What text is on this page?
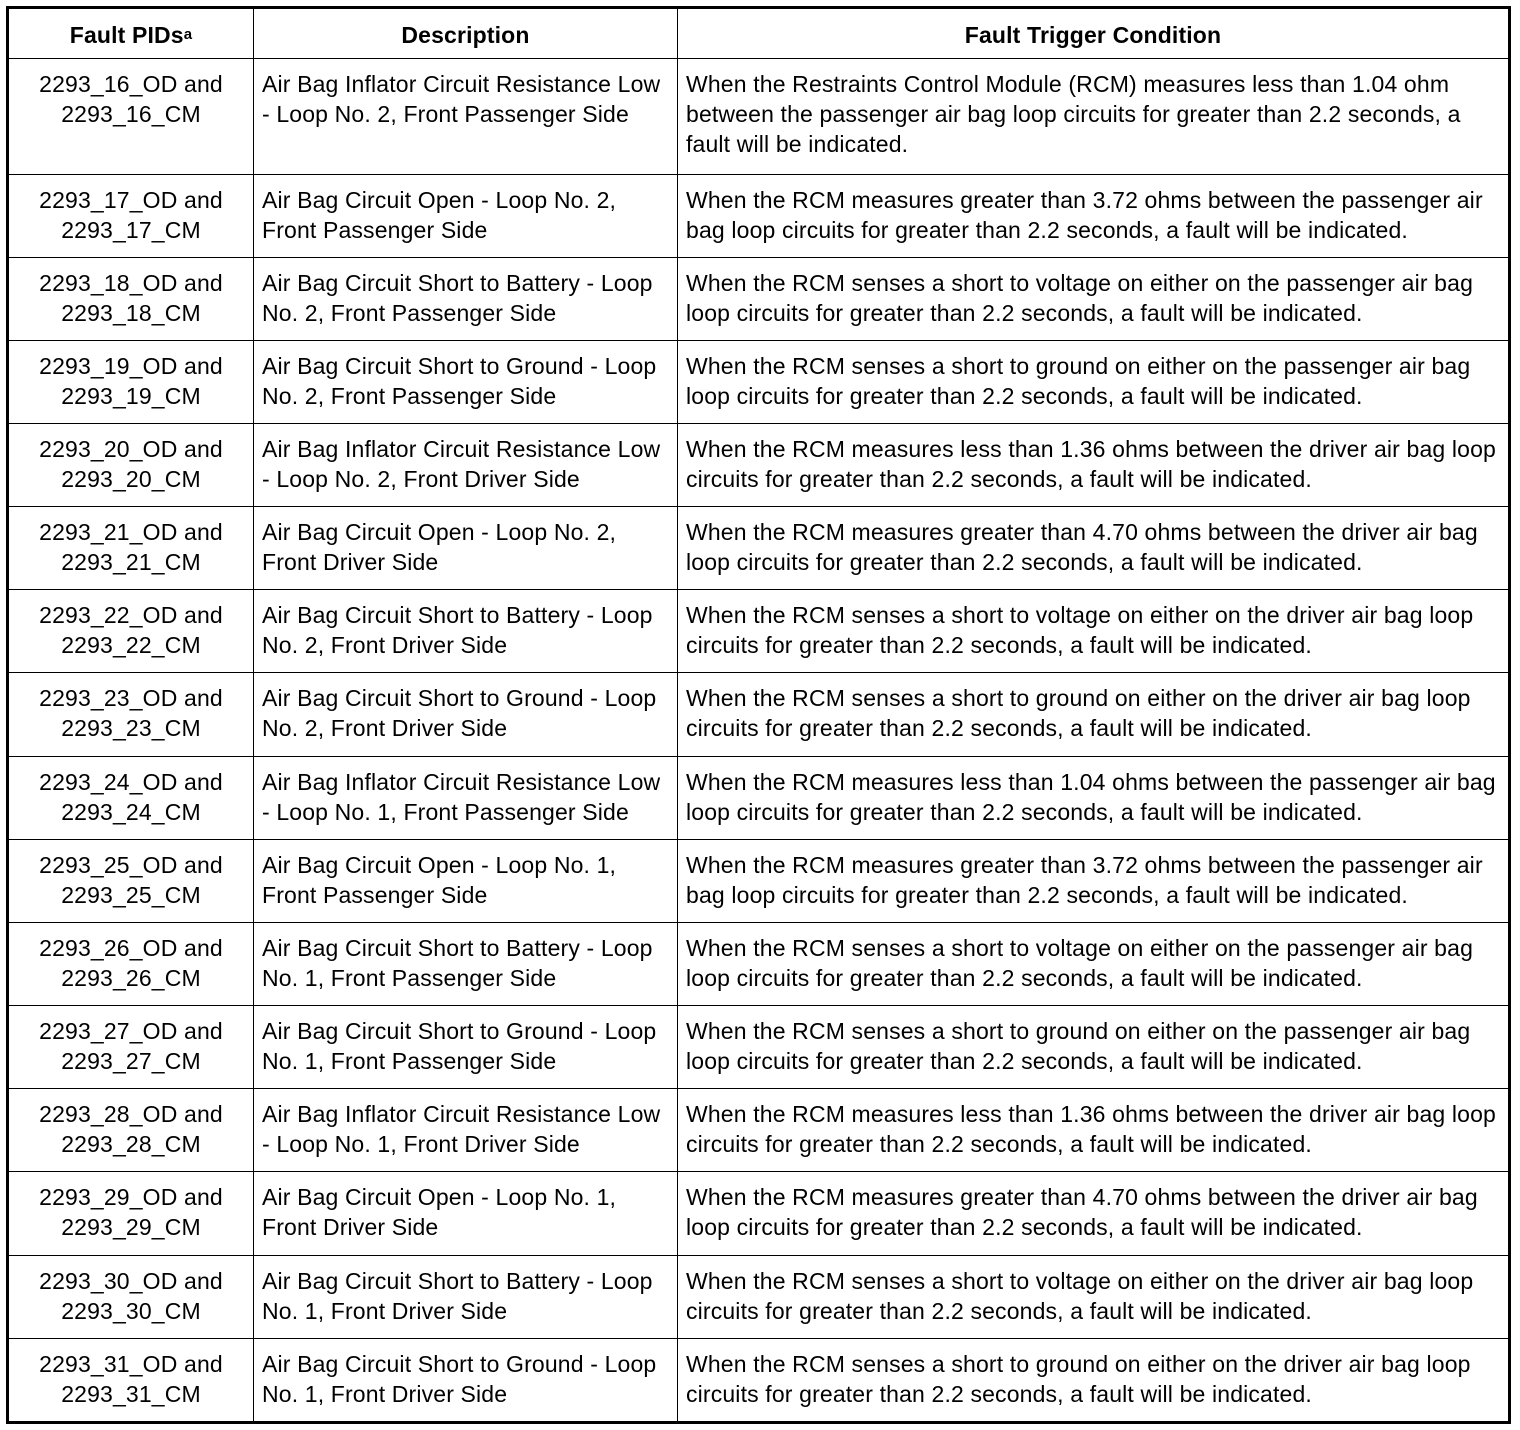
Fault PIDs$^a$	Description	Fault Trigger Condition

2293_16_OD and
2293_16_CM	Air Bag Inflator Circuit Resistance Low - Loop No. 2, Front Passenger Side	When the Restraints Control Module (RCM) measures less than 1.04 ohm between the passenger air bag loop circuits for greater than 2.2 seconds, a fault will be indicated.

2293_17_OD and
2293_17_CM	Air Bag Circuit Open - Loop No. 2, Front Passenger Side	When the RCM measures greater than 3.72 ohms between the passenger air bag loop circuits for greater than 2.2 seconds, a fault will be indicated.

2293_18_OD and
2293_18_CM	Air Bag Circuit Short to Battery - Loop No. 2, Front Passenger Side	When the RCM senses a short to voltage on either on the passenger air bag loop circuits for greater than 2.2 seconds, a fault will be indicated.

2293_19_OD and
2293_19_CM	Air Bag Circuit Short to Ground - Loop No. 2, Front Passenger Side	When the RCM senses a short to ground on either on the passenger air bag loop circuits for greater than 2.2 seconds, a fault will be indicated.

2293_20_OD and
2293_20_CM	Air Bag Inflator Circuit Resistance Low - Loop No. 2, Front Driver Side	When the RCM measures less than 1.36 ohms between the driver air bag loop circuits for greater than 2.2 seconds, a fault will be indicated.

2293_21_OD and
2293_21_CM	Air Bag Circuit Open - Loop No. 2, Front Driver Side	When the RCM measures greater than 4.70 ohms between the driver air bag loop circuits for greater than 2.2 seconds, a fault will be indicated.

2293_22_OD and
2293_22_CM	Air Bag Circuit Short to Battery - Loop No. 2, Front Driver Side	When the RCM senses a short to voltage on either on the driver air bag loop circuits for greater than 2.2 seconds, a fault will be indicated.

2293_23_OD and
2293_23_CM	Air Bag Circuit Short to Ground - Loop No. 2, Front Driver Side	When the RCM senses a short to ground on either on the driver air bag loop circuits for greater than 2.2 seconds, a fault will be indicated.

2293_24_OD and
2293_24_CM	Air Bag Inflator Circuit Resistance Low - Loop No. 1, Front Passenger Side	When the RCM measures less than 1.04 ohms between the passenger air bag loop circuits for greater than 2.2 seconds, a fault will be indicated.

2293_25_OD and
2293_25_CM	Air Bag Circuit Open - Loop No. 1, Front Passenger Side	When the RCM measures greater than 3.72 ohms between the passenger air bag loop circuits for greater than 2.2 seconds, a fault will be indicated.

2293_26_OD and
2293_26_CM	Air Bag Circuit Short to Battery - Loop No. 1, Front Passenger Side	When the RCM senses a short to voltage on either on the passenger air bag loop circuits for greater than 2.2 seconds, a fault will be indicated.

2293_27_OD and
2293_27_CM	Air Bag Circuit Short to Ground - Loop No. 1, Front Passenger Side	When the RCM senses a short to ground on either on the passenger air bag loop circuits for greater than 2.2 seconds, a fault will be indicated.

2293_28_OD and
2293_28_CM	Air Bag Inflator Circuit Resistance Low - Loop No. 1, Front Driver Side	When the RCM measures less than 1.36 ohms between the driver air bag loop circuits for greater than 2.2 seconds, a fault will be indicated.

2293_29_OD and
2293_29_CM	Air Bag Circuit Open - Loop No. 1, Front Driver Side	When the RCM measures greater than 4.70 ohms between the driver air bag loop circuits for greater than 2.2 seconds, a fault will be indicated.

2293_30_OD and
2293_30_CM	Air Bag Circuit Short to Battery - Loop No. 1, Front Driver Side	When the RCM senses a short to voltage on either on the driver air bag loop circuits for greater than 2.2 seconds, a fault will be indicated.

2293_31_OD and
2293_31_CM	Air Bag Circuit Short to Ground - Loop No. 1, Front Driver Side	When the RCM senses a short to ground on either on the driver air bag loop circuits for greater than 2.2 seconds, a fault will be indicated.
